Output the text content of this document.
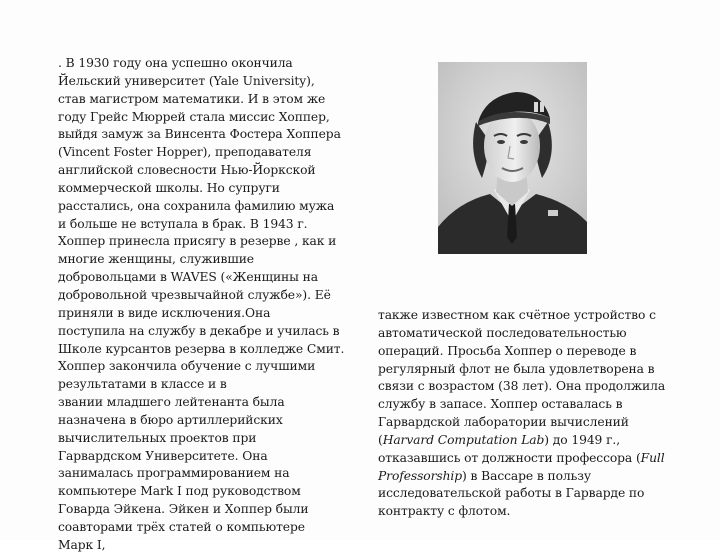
. В 1930 году она успешно окончила
Йельский университет (Yale University),
став магистром математики. И в этом же
году Грейс Мюррей стала миссис Хоппер,
выйдя замуж за Винсента Фостера Хоппера
(Vincent Foster Hopper), преподавателя
английской словесности Нью-Йоркской
коммерческой школы. Но супруги
расстались, она сохранила фамилию мужа
и больше не вступала в брак. В 1943 г.
Хоппер принесла присягу в резерве , как и
многие женщины, служившие
добровольцами в WAVES («Женщины на
добровольной чрезвычайной службе»). Её
приняли в виде исключения.Она
поступила на службу в декабре и училась в
Школе курсантов резерва в колледже Смит.
Хоппер закончила обучение с лучшими
результатами в классе и в
звании младшего лейтенанта была
назначена в бюро артиллерийских
вычислительных проектов при
Гарвардском Университете. Она
занималась программированием на
компьютере Mark I под руководством
Говарда Эйкена. Эйкен и Хоппер были
соавторами трёх статей о компьютере
Марк I,

также известном как счётное устройство с
автоматической последовательностью
операций. Просьба Хоппер о переводе в
регулярный флот не была удовлетворена в
связи с возрастом (38 лет). Она продолжила
службу в запасе. Хоппер оставалась в
Гарвардской лаборатории вычислений
(Harvard Computation Lab) до 1949 г.,
отказавшись от должности профессора (Full
Professorship) в Вассаре в пользу
исследовательской работы в Гарварде по
контракту с флотом.
